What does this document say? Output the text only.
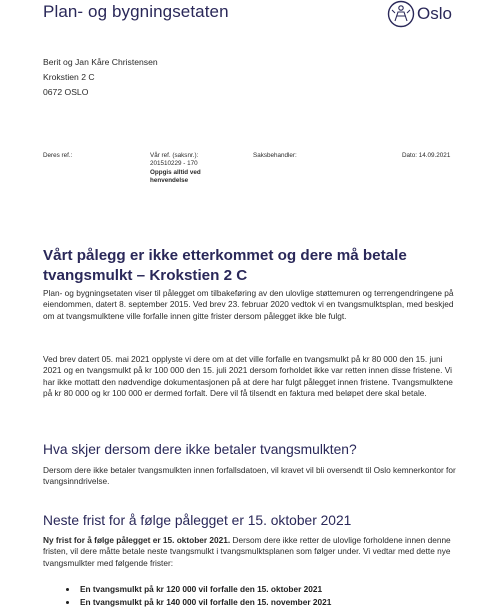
Plan- og bygningsetaten	Oslo
Berit og Jan Kåre Christensen
Krokstien 2 C
0672 OSLO
Deres ref.:	Vår ref. (saksnr.):
201510229 - 170
Oppgis alltid ved
henvendelse
Saksbehandler:	Dato: 14.09.2021
Vårt pålegg er ikke etterkommet og dere må betale tvangsmulkt – Krokstien 2 C

Plan- og bygningsetaten viser til pålegget om tilbakeføring av den ulovlige støttemuren og terrengendringene på eiendommen, datert 8. september 2015. Ved brev 23. februar 2020 vedtok vi en tvangsmulktsplan, med beskjed om at tvangsmulktene ville forfalle innen gitte frister dersom pålegget ikke ble fulgt.

Ved brev datert 05. mai 2021 opplyste vi dere om at det ville forfalle en tvangsmulkt på kr 80 000 den 15. juni 2021 og en tvangsmulkt på kr 100 000 den 15. juli 2021 dersom forholdet ikke var retten innen disse fristene. Vi har ikke mottatt den nødvendige dokumentasjonen på at dere har fulgt pålegget innen fristene. Tvangsmulktene på kr 80 000 og kr 100 000 er dermed forfalt. Dere vil få tilsendt en faktura med beløpet dere skal betale.

Hva skjer dersom dere ikke betaler tvangsmulkten?

Dersom dere ikke betaler tvangsmulkten innen forfallsdatoen, vil kravet vil bli oversendt til Oslo kemnerkontor for tvangsinndrivelse.

Neste frist for å følge pålegget er 15. oktober 2021

Ny frist for å følge pålegget er 15. oktober 2021. Dersom dere ikke retter de ulovlige forholdene innen denne fristen, vil dere måtte betale neste tvangsmulkt i tvangsmulktsplanen som følger under. Vi vedtar med dette nye tvangsmulkter med følgende frister:

• En tvangsmulkt på kr 120 000 vil forfalle den 15. oktober 2021
• En tvangsmulkt på kr 140 000 vil forfalle den 15. november 2021
